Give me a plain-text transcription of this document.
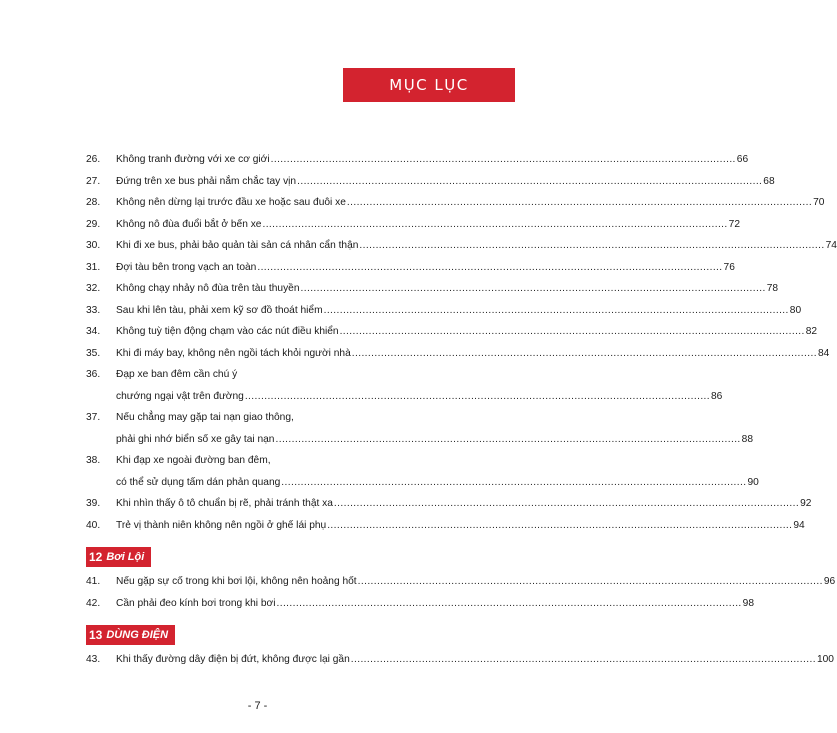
MỤC LỤC
26.	Không tranh đường với xe cơ giới .....	66
27.	Đứng trên xe bus phải nắm chắc tay vịn .....	68
28.	Không nên dừng lại trước đầu xe hoặc sau đuôi xe .....	70
29.	Không nô đùa đuổi bắt ở bến xe .....	72
30.	Khi đi xe bus, phải bảo quản tài sản cá nhân cẩn thận .....	74
31.	Đợi tàu bên trong vạch an toàn .....	76
32.	Không chạy nhảy nô đùa trên tàu thuyền .....	78
33.	Sau khi lên tàu, phải xem kỹ sơ đồ thoát hiểm .....	80
34.	Không tuỳ tiện động chạm vào các nút điều khiển .....	82
35.	Khi đi máy bay, không nên ngồi tách khỏi người nhà .....	84
36.	Đạp xe ban đêm cần chú ý
chướng ngại vật trên đường .....	86
37.	Nếu chẳng may gặp tai nạn giao thông,
phải ghi nhớ biển số xe gây tai nạn .....	88
38.	Khi đạp xe ngoài đường ban đêm,
có thể sử dụng tấm dán phản quang .....	90
39.	Khi nhìn thấy ô tô chuẩn bị rẽ, phải tránh thật xa .....	92
40.	Trẻ vị thành niên không nên ngồi ở ghế lái phụ .....	94
12 Bơi Lội
41.	Nếu gặp sự cố trong khi bơi lội, không nên hoảng hốt .....	96
42.	Cần phải đeo kính bơi trong khi bơi .....	98
13 DÙNG ĐIỆN
43.	Khi thấy đường dây điện bị đứt, không được lại gần .....	100
- 7 -
